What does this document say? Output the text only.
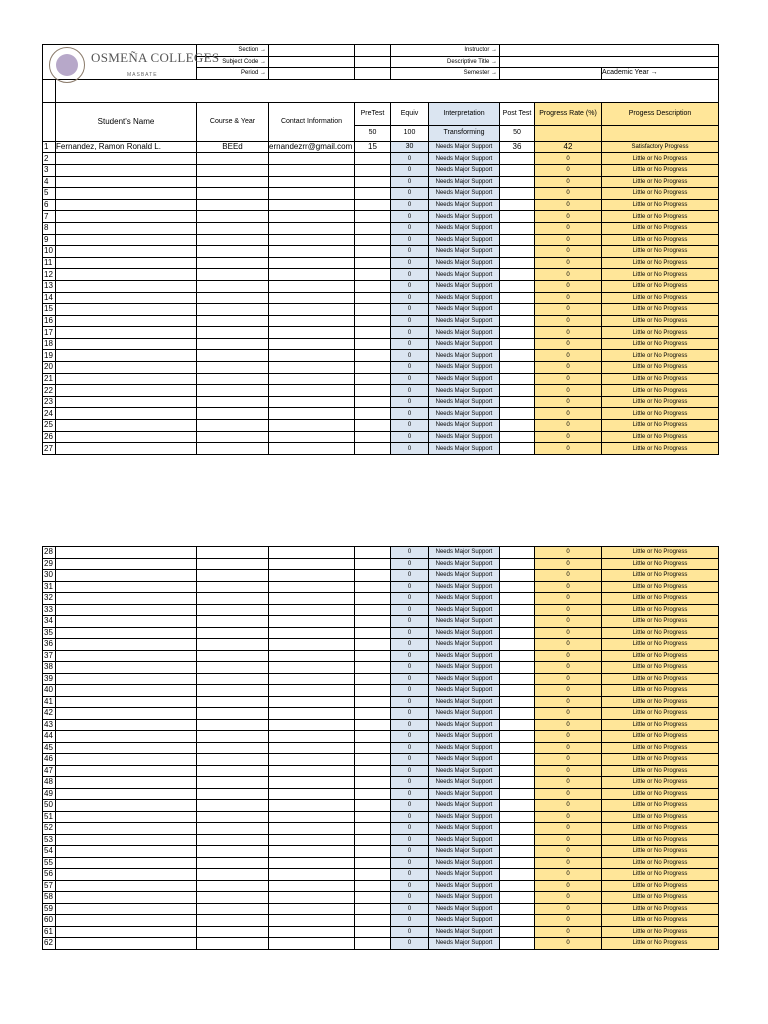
OSMEÑA COLLEGES
MASBATE		Section →			Instructor →				
		Subject Code →			Descriptive Title →				
		Period →			Semester →				Academic Year →

	Student's Name	Course & Year	Contact Information	PreTest	Equiv	Interpretation	Post Test	Progress Rate (%)	Progess Description
				50	100	Transforming	50		
1	Fernandez, Ramon Ronald L.	BEEd	ernandezrr@gmail.com	15	30	Needs Major Support	36	42	Satisfactory Progress
2					0	Needs Major Support		0	Little or No Progress
3					0	Needs Major Support		0	Little or No Progress
4					0	Needs Major Support		0	Little or No Progress
5					0	Needs Major Support		0	Little or No Progress
6					0	Needs Major Support		0	Little or No Progress
7					0	Needs Major Support		0	Little or No Progress
8					0	Needs Major Support		0	Little or No Progress
9					0	Needs Major Support		0	Little or No Progress
10					0	Needs Major Support		0	Little or No Progress
11					0	Needs Major Support		0	Little or No Progress
12					0	Needs Major Support		0	Little or No Progress
13					0	Needs Major Support		0	Little or No Progress
14					0	Needs Major Support		0	Little or No Progress
15					0	Needs Major Support		0	Little or No Progress
16					0	Needs Major Support		0	Little or No Progress
17					0	Needs Major Support		0	Little or No Progress
18					0	Needs Major Support		0	Little or No Progress
19					0	Needs Major Support		0	Little or No Progress
20					0	Needs Major Support		0	Little or No Progress
21					0	Needs Major Support		0	Little or No Progress
22					0	Needs Major Support		0	Little or No Progress
23					0	Needs Major Support		0	Little or No Progress
24					0	Needs Major Support		0	Little or No Progress
25					0	Needs Major Support		0	Little or No Progress
26					0	Needs Major Support		0	Little or No Progress
27					0	Needs Major Support		0	Little or No Progress
28					0	Needs Major Support		0	Little or No Progress
29					0	Needs Major Support		0	Little or No Progress
30					0	Needs Major Support		0	Little or No Progress
31					0	Needs Major Support		0	Little or No Progress
32					0	Needs Major Support		0	Little or No Progress
33					0	Needs Major Support		0	Little or No Progress
34					0	Needs Major Support		0	Little or No Progress
35					0	Needs Major Support		0	Little or No Progress
36					0	Needs Major Support		0	Little or No Progress
37					0	Needs Major Support		0	Little or No Progress
38					0	Needs Major Support		0	Little or No Progress
39					0	Needs Major Support		0	Little or No Progress
40					0	Needs Major Support		0	Little or No Progress
41					0	Needs Major Support		0	Little or No Progress
42					0	Needs Major Support		0	Little or No Progress
43					0	Needs Major Support		0	Little or No Progress
44					0	Needs Major Support		0	Little or No Progress
45					0	Needs Major Support		0	Little or No Progress
46					0	Needs Major Support		0	Little or No Progress
47					0	Needs Major Support		0	Little or No Progress
48					0	Needs Major Support		0	Little or No Progress
49					0	Needs Major Support		0	Little or No Progress
50					0	Needs Major Support		0	Little or No Progress
51					0	Needs Major Support		0	Little or No Progress
52					0	Needs Major Support		0	Little or No Progress
53					0	Needs Major Support		0	Little or No Progress
54					0	Needs Major Support		0	Little or No Progress
55					0	Needs Major Support		0	Little or No Progress
56					0	Needs Major Support		0	Little or No Progress
57					0	Needs Major Support		0	Little or No Progress
58					0	Needs Major Support		0	Little or No Progress
59					0	Needs Major Support		0	Little or No Progress
60					0	Needs Major Support		0	Little or No Progress
61					0	Needs Major Support		0	Little or No Progress
62					0	Needs Major Support		0	Little or No Progress
